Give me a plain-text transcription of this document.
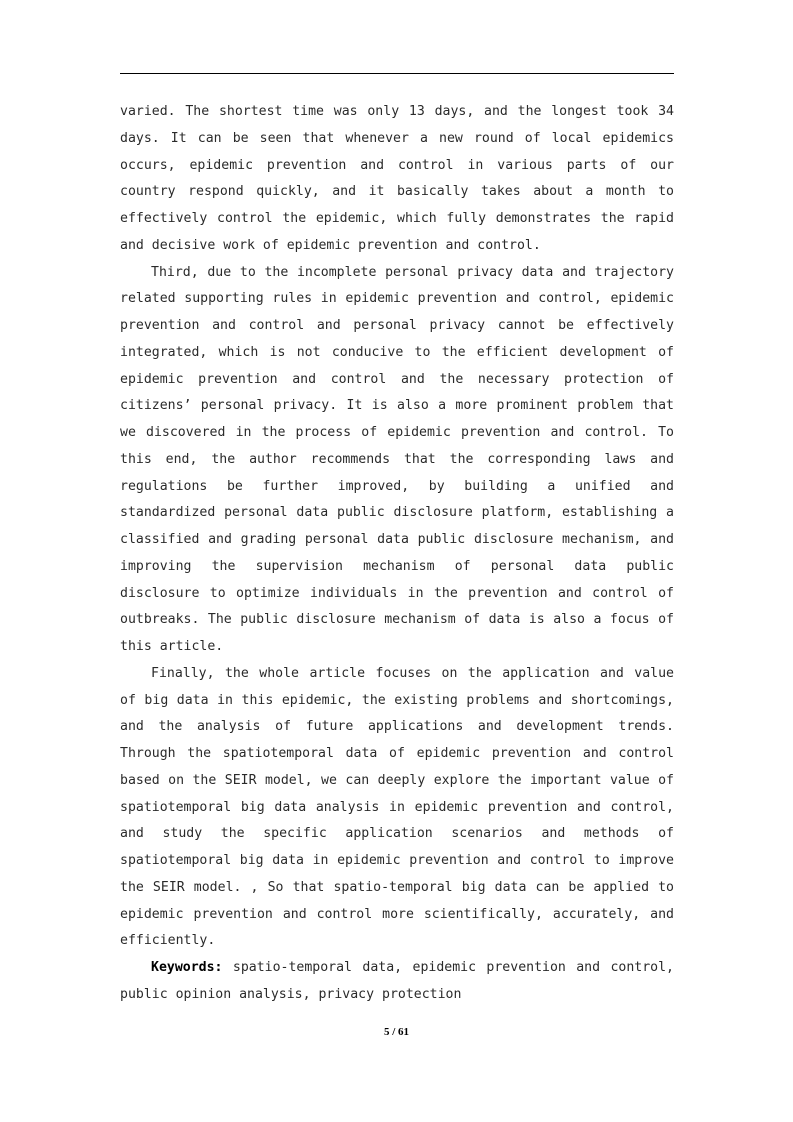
varied. The shortest time was only 13 days, and the longest took 34 days. It can be seen that whenever a new round of local epidemics occurs, epidemic prevention and control in various parts of our country respond quickly, and it basically takes about a month to effectively control the epidemic, which fully demonstrates the rapid and decisive work of epidemic prevention and control.

Third, due to the incomplete personal privacy data and trajectory related supporting rules in epidemic prevention and control, epidemic prevention and control and personal privacy cannot be effectively integrated, which is not conducive to the efficient development of epidemic prevention and control and the necessary protection of citizens’ personal privacy. It is also a more prominent problem that we discovered in the process of epidemic prevention and control. To this end, the author recommends that the corresponding laws and regulations be further improved, by building a unified and standardized personal data public disclosure platform, establishing a classified and grading personal data public disclosure mechanism, and improving the supervision mechanism of personal data public disclosure to optimize individuals in the prevention and control of outbreaks. The public disclosure mechanism of data is also a focus of this article.

Finally, the whole article focuses on the application and value of big data in this epidemic, the existing problems and shortcomings, and the analysis of future applications and development trends. Through the spatiotemporal data of epidemic prevention and control based on the SEIR model, we can deeply explore the important value of spatiotemporal big data analysis in epidemic prevention and control, and study the specific application scenarios and methods of spatiotemporal big data in epidemic prevention and control to improve the SEIR model. , So that spatio-temporal big data can be applied to epidemic prevention and control more scientifically, accurately, and efficiently.

Keywords: spatio-temporal data, epidemic prevention and control, public opinion analysis, privacy protection

5 / 61
